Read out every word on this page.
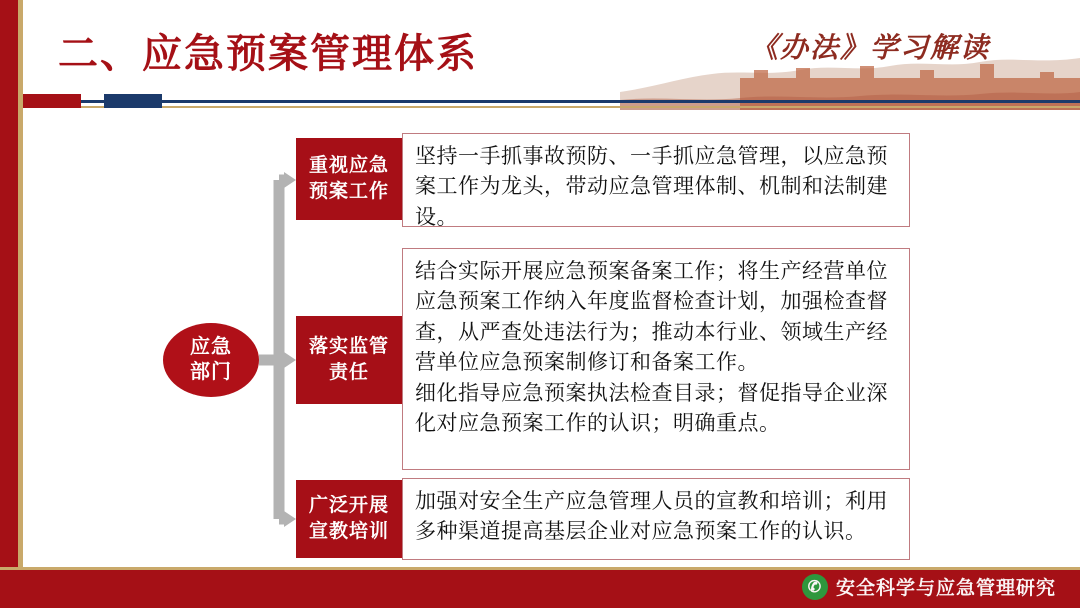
二、应急预案管理体系	《办法》学习解读
应急
部门
重视应急
预案工作

坚持一手抓事故预防、一手抓应急管理，以应急预案工作为龙头，带动应急管理体制、机制和法制建设。

落实监管
责任

结合实际开展应急预案备案工作；将生产经营单位应急预案工作纳入年度监督检查计划，加强检查督查，从严查处违法行为；推动本行业、领域生产经营单位应急预案制修订和备案工作。

细化指导应急预案执法检查目录；督促指导企业深化对应急预案工作的认识；明确重点。

广泛开展
宣教培训

加强对安全生产应急管理人员的宣教和培训；利用多种渠道提高基层企业对应急预案工作的认识。

✆ 安全科学与应急管理研究
